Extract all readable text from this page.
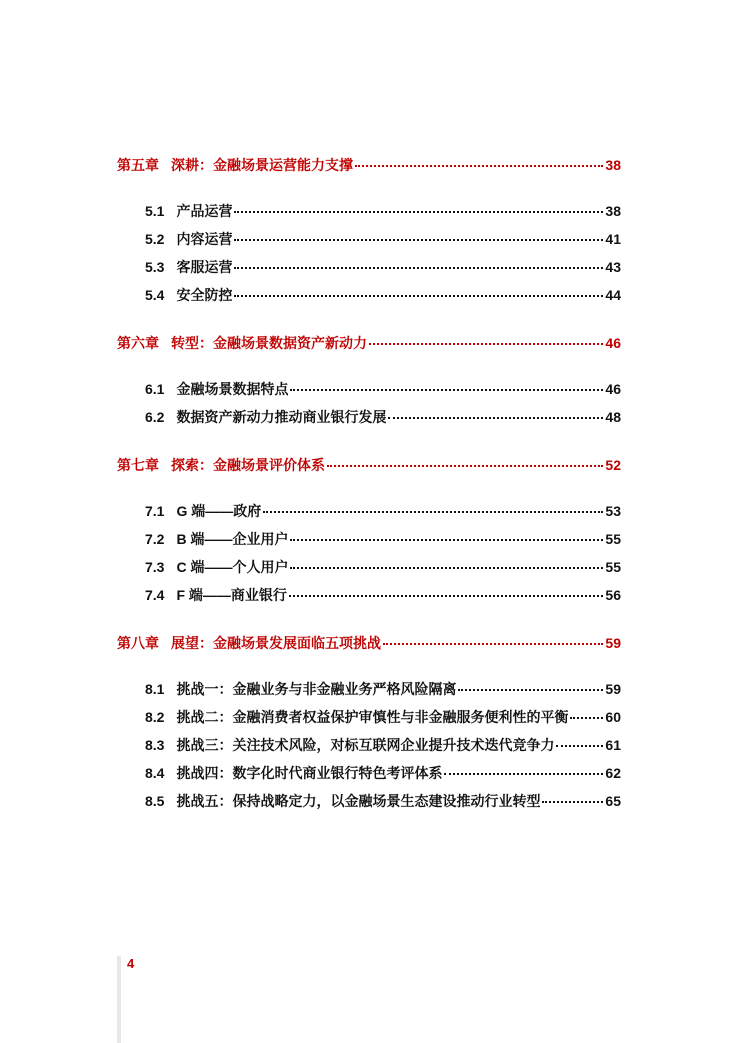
第五章 深耕：金融场景运营能力支撑	38
5.1 产品运营	38
5.2 内容运营	41
5.3 客服运营	43
5.4 安全防控	44
第六章 转型：金融场景数据资产新动力	46
6.1 金融场景数据特点	46
6.2 数据资产新动力推动商业银行发展	48
第七章 探索：金融场景评价体系	52
7.1 G 端——政府	53
7.2 B 端——企业用户	55
7.3 C 端——个人用户	55
7.4 F 端——商业银行	56
第八章 展望：金融场景发展面临五项挑战	59
8.1 挑战一：金融业务与非金融业务严格风险隔离	59
8.2 挑战二：金融消费者权益保护审慎性与非金融服务便利性的平衡	60
8.3 挑战三：关注技术风险，对标互联网企业提升技术迭代竞争力	61
8.4 挑战四：数字化时代商业银行特色考评体系	62
8.5 挑战五：保持战略定力，以金融场景生态建设推动行业转型	65
4
